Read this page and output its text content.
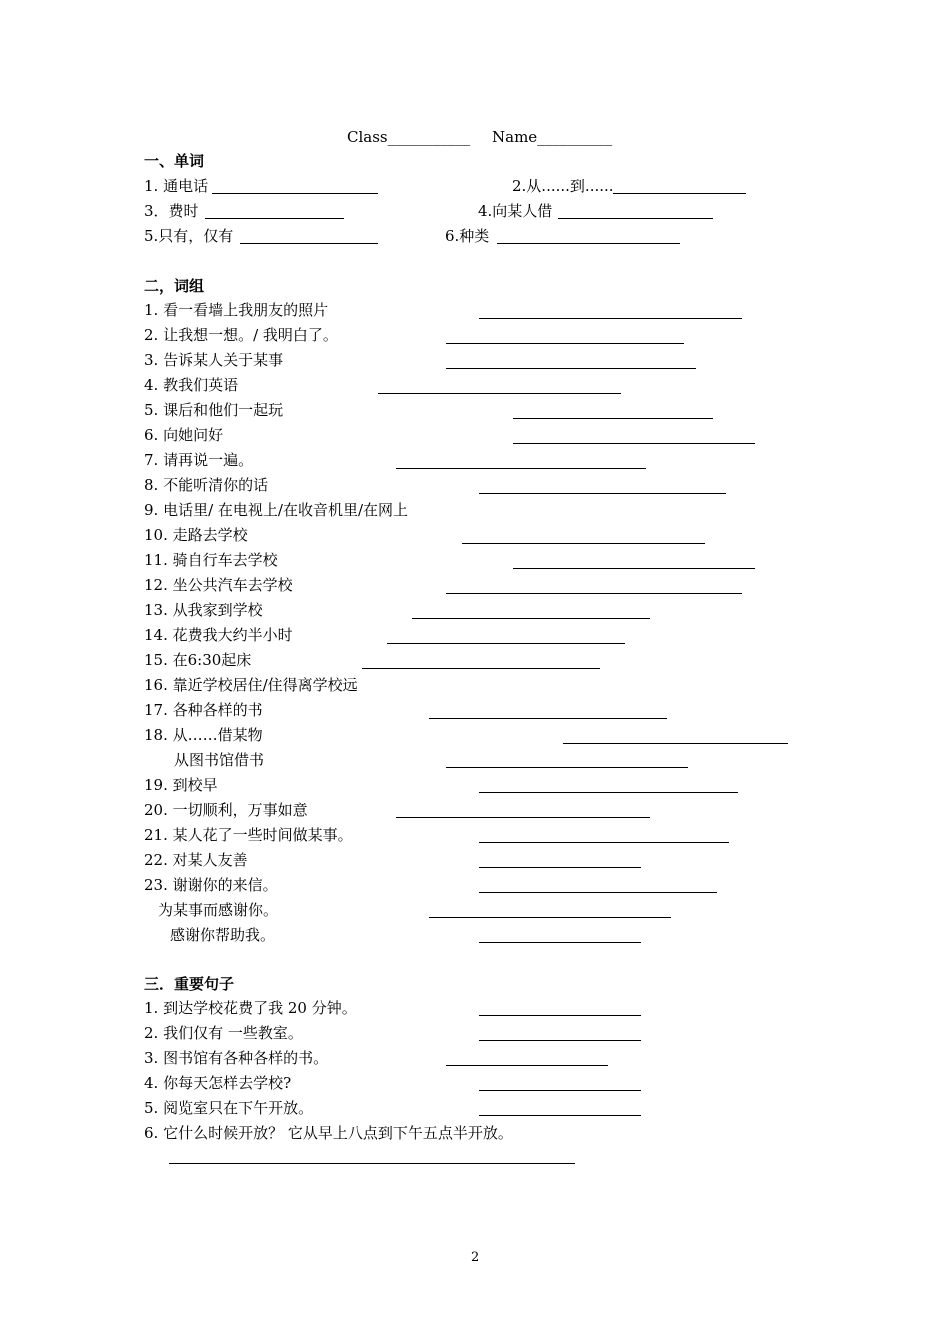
Class___________ Name__________
一、单词
1. 通电话	2.从......到......
3．费时	4.向某人借
5.只有，仅有	6.种类
二，词组
1. 看一看墙上我朋友的照片
2. 让我想一想。/ 我明白了。
3. 告诉某人关于某事
4. 教我们英语
5. 课后和他们一起玩
6. 向她问好
7. 请再说一遍。
8. 不能听清你的话
9. 电话里/ 在电视上/在收音机里/在网上
10. 走路去学校
11. 骑自行车去学校
12. 坐公共汽车去学校
13. 从我家到学校
14. 花费我大约半小时
15. 在6:30起床
16. 靠近学校居住/住得离学校远
17. 各种各样的书
18. 从……借某物
从图书馆借书
19. 到校早
20. 一切顺利，万事如意
21. 某人花了一些时间做某事。
22. 对某人友善
23. 谢谢你的来信。
为某事而感谢你。
感谢你帮助我。
三．重要句子
1. 到达学校花费了我 20 分钟。
2. 我们仅有 一些教室。
3. 图书馆有各种各样的书。
4. 你每天怎样去学校?
5. 阅览室只在下午开放。
6. 它什么时候开放？ 它从早上八点到下午五点半开放。
2
